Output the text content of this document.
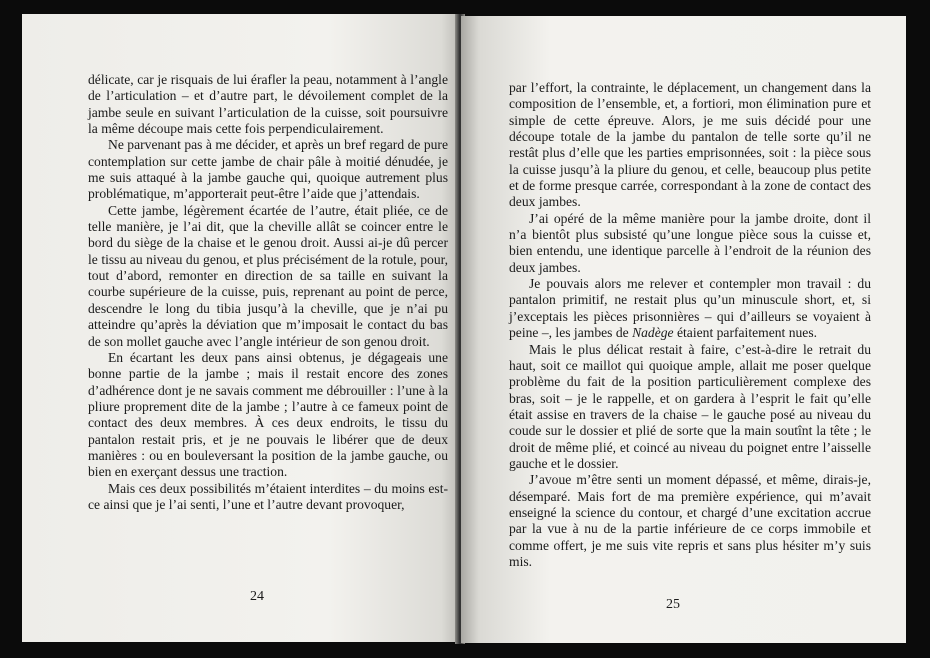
délicate, car je risquais de lui érafler la peau, notamment à l’angle de l’articulation – et d’autre part, le dévoilement complet de la jambe seule en suivant l’articulation de la cuisse, soit poursuivre la même découpe mais cette fois perpendiculairement.

Ne parvenant pas à me décider, et après un bref regard de pure contemplation sur cette jambe de chair pâle à moitié dénudée, je me suis attaqué à la jambe gauche qui, quoique autrement plus problématique, m’apporterait peut-être l’aide que j’attendais.

Cette jambe, légèrement écartée de l’autre, était pliée, ce de telle manière, je l’ai dit, que la cheville allât se coincer entre le bord du siège de la chaise et le genou droit. Aussi ai-je dû percer le tissu au niveau du genou, et plus précisément de la rotule, pour, tout d’abord, remonter en direction de sa taille en suivant la courbe supérieure de la cuisse, puis, reprenant au point de perce, descendre le long du tibia jusqu’à la cheville, que je n’ai pu atteindre qu’après la déviation que m’imposait le contact du bas de son mollet gauche avec l’angle intérieur de son genou droit.

En écartant les deux pans ainsi obtenus, je dégageais une bonne partie de la jambe ; mais il restait encore des zones d’adhérence dont je ne savais comment me débrouiller : l’une à la pliure proprement dite de la jambe ; l’autre à ce fameux point de contact des deux membres. À ces deux endroits, le tissu du pantalon restait pris, et je ne pouvais le libérer que de deux manières : ou en bouleversant la position de la jambe gauche, ou bien en exerçant dessus une traction.

Mais ces deux possibilités m’étaient interdites – du moins est-ce ainsi que je l’ai senti, l’une et l’autre devant provoquer,

24

par l’effort, la contrainte, le déplacement, un changement dans la composition de l’ensemble, et, a fortiori, mon élimination pure et simple de cette épreuve. Alors, je me suis décidé pour une découpe totale de la jambe du pantalon de telle sorte qu’il ne restât plus d’elle que les parties emprisonnées, soit : la pièce sous la cuisse jusqu’à la pliure du genou, et celle, beaucoup plus petite et de forme presque carrée, correspondant à la zone de contact des deux jambes.

J’ai opéré de la même manière pour la jambe droite, dont il n’a bientôt plus subsisté qu’une longue pièce sous la cuisse et, bien entendu, une identique parcelle à l’endroit de la réunion des deux jambes.

Je pouvais alors me relever et contempler mon travail : du pantalon primitif, ne restait plus qu’un minuscule short, et, si j’exceptais les pièces prisonnières – qui d’ailleurs se voyaient à peine –, les jambes de Nadège étaient parfaitement nues.

Mais le plus délicat restait à faire, c’est-à-dire le retrait du haut, soit ce maillot qui quoique ample, allait me poser quelque problème du fait de la position particulièrement complexe des bras, soit – je le rappelle, et on gardera à l’esprit le fait qu’elle était assise en travers de la chaise – le gauche posé au niveau du coude sur le dossier et plié de sorte que la main soutînt la tête ; le droit de même plié, et coincé au niveau du poignet entre l’aisselle gauche et le dossier.

J’avoue m’être senti un moment dépassé, et même, dirais-je, désemparé. Mais fort de ma première expérience, qui m’avait enseigné la science du contour, et chargé d’une excitation accrue par la vue à nu de la partie inférieure de ce corps immobile et comme offert, je me suis vite repris et sans plus hésiter m’y suis mis.

25
